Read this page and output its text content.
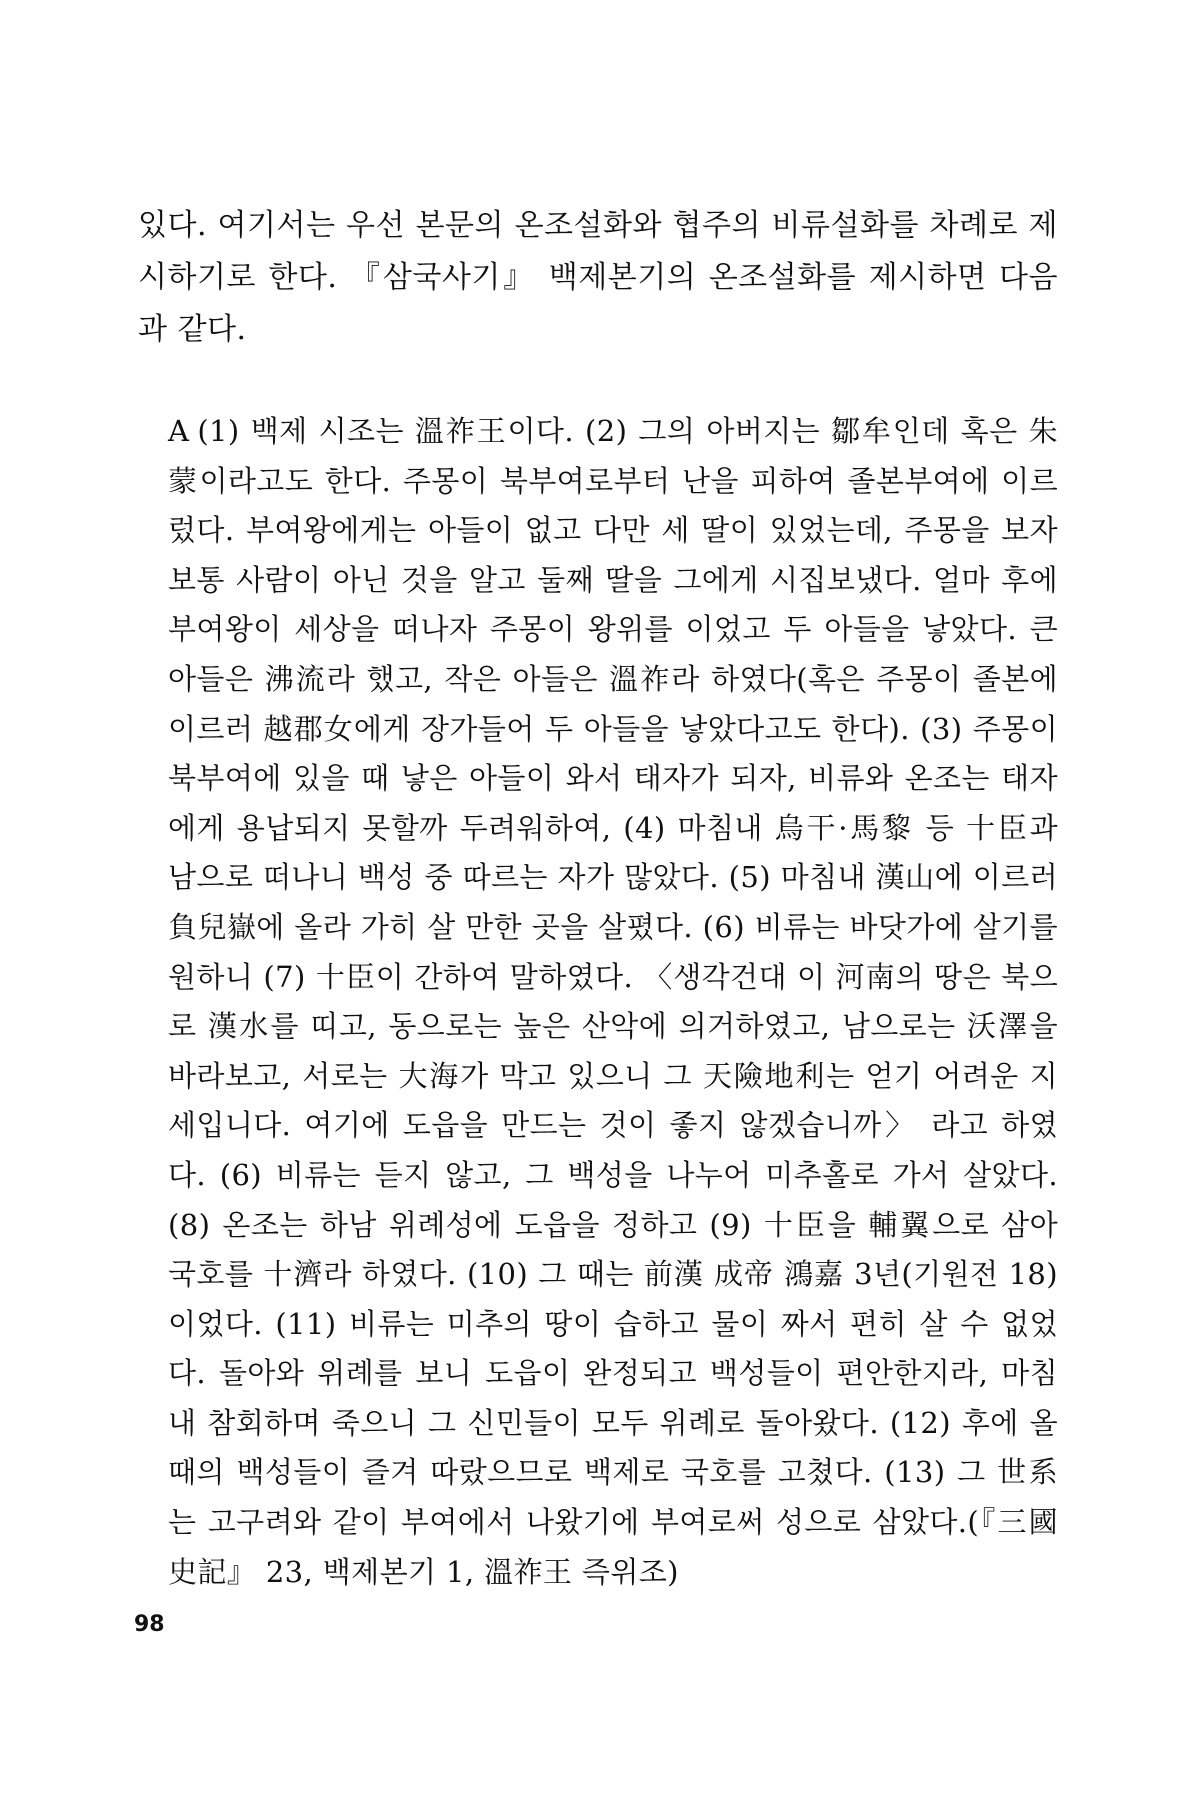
있다. 여기서는 우선 본문의 온조설화와 협주의 비류설화를 차례로 제시하기로 한다. 『삼국사기』 백제본기의 온조설화를 제시하면 다음과 같다.

A (1) 백제 시조는 溫祚王이다. (2) 그의 아버지는 鄒牟인데 혹은 朱蒙이라고도 한다. 주몽이 북부여로부터 난을 피하여 졸본부여에 이르렀다. 부여왕에게는 아들이 없고 다만 세 딸이 있었는데, 주몽을 보자 보통 사람이 아닌 것을 알고 둘째 딸을 그에게 시집보냈다. 얼마 후에 부여왕이 세상을 떠나자 주몽이 왕위를 이었고 두 아들을 낳았다. 큰아들은 沸流라 했고, 작은 아들은 溫祚라 하였다(혹은 주몽이 졸본에 이르러 越郡女에게 장가들어 두 아들을 낳았다고도 한다). (3) 주몽이 북부여에 있을 때 낳은 아들이 와서 태자가 되자, 비류와 온조는 태자에게 용납되지 못할까 두려워하여, (4) 마침내 烏干·馬黎 등 十臣과 남으로 떠나니 백성 중 따르는 자가 많았다. (5) 마침내 漢山에 이르러 負兒嶽에 올라 가히 살 만한 곳을 살폈다. (6) 비류는 바닷가에 살기를 원하니 (7) 十臣이 간하여 말하였다. 〈생각건대 이 河南의 땅은 북으로 漢水를 띠고, 동으로는 높은 산악에 의거하였고, 남으로는 沃澤을 바라보고, 서로는 大海가 막고 있으니 그 天險地利는 얻기 어려운 지세입니다. 여기에 도읍을 만드는 것이 좋지 않겠습니까〉 라고 하였다. (6) 비류는 듣지 않고, 그 백성을 나누어 미추홀로 가서 살았다. (8) 온조는 하남 위례성에 도읍을 정하고 (9) 十臣을 輔翼으로 삼아 국호를 十濟라 하였다. (10) 그 때는 前漢 成帝 鴻嘉 3년(기원전 18)이었다. (11) 비류는 미추의 땅이 습하고 물이 짜서 편히 살 수 없었다. 돌아와 위례를 보니 도읍이 완정되고 백성들이 편안한지라, 마침내 참회하며 죽으니 그 신민들이 모두 위례로 돌아왔다. (12) 후에 올 때의 백성들이 즐겨 따랐으므로 백제로 국호를 고쳤다. (13) 그 世系는 고구려와 같이 부여에서 나왔기에 부여로써 성으로 삼았다.(『三國史記』 23, 백제본기 1, 溫祚王 즉위조)

98
